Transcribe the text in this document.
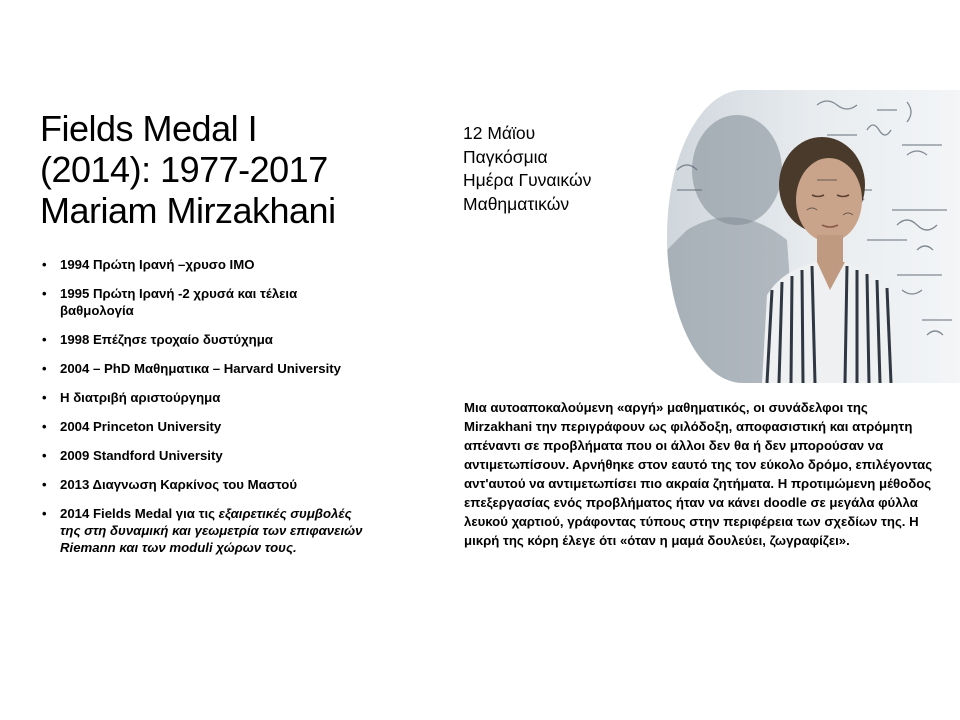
Fields Medal I
(2014): 1977-2017
Mariam Mirzakhani
• 1994 Πρώτη Ιρανή –χρυσο ΙΜΟ
• 1995 Πρώτη Ιρανή -2 χρυσά και τέλεια βαθμολογία
• 1998 Επέζησε τροχαίο δυστύχημα
• 2004 – PhD Μαθηματικα – Harvard University
• Η διατριβή αριστούργημα
• 2004 Princeton University
• 2009 Standford University
• 2013 Διαγνωση Καρκίνος του Μαστού
• 2014 Fields Medal για τις εξαιρετικές συμβολές της στη δυναμική και γεωμετρία των επιφανειών Riemann και των moduli χώρων τους.
12 Μάϊου
Παγκόσμια
Ημέρα Γυναικών
Μαθηματικών
Μια αυτοαποκαλούμενη «αργή» μαθηματικός, οι συνάδελφοι της Mirzakhani την περιγράφουν ως φιλόδοξη, αποφασιστική και ατρόμητη απέναντι σε προβλήματα που οι άλλοι δεν θα ή δεν μπορούσαν να αντιμετωπίσουν. Αρνήθηκε στον εαυτό της τον εύκολο δρόμο, επιλέγοντας αντ'αυτού να αντιμετωπίσει πιο ακραία ζητήματα. Η προτιμώμενη μέθοδος επεξεργασίας ενός προβλήματος ήταν να κάνει doodle σε μεγάλα φύλλα λευκού χαρτιού, γράφοντας τύπους στην περιφέρεια των σχεδίων της. Η μικρή της κόρη έλεγε ότι «όταν η μαμά δουλεύει, ζωγραφίζει».
